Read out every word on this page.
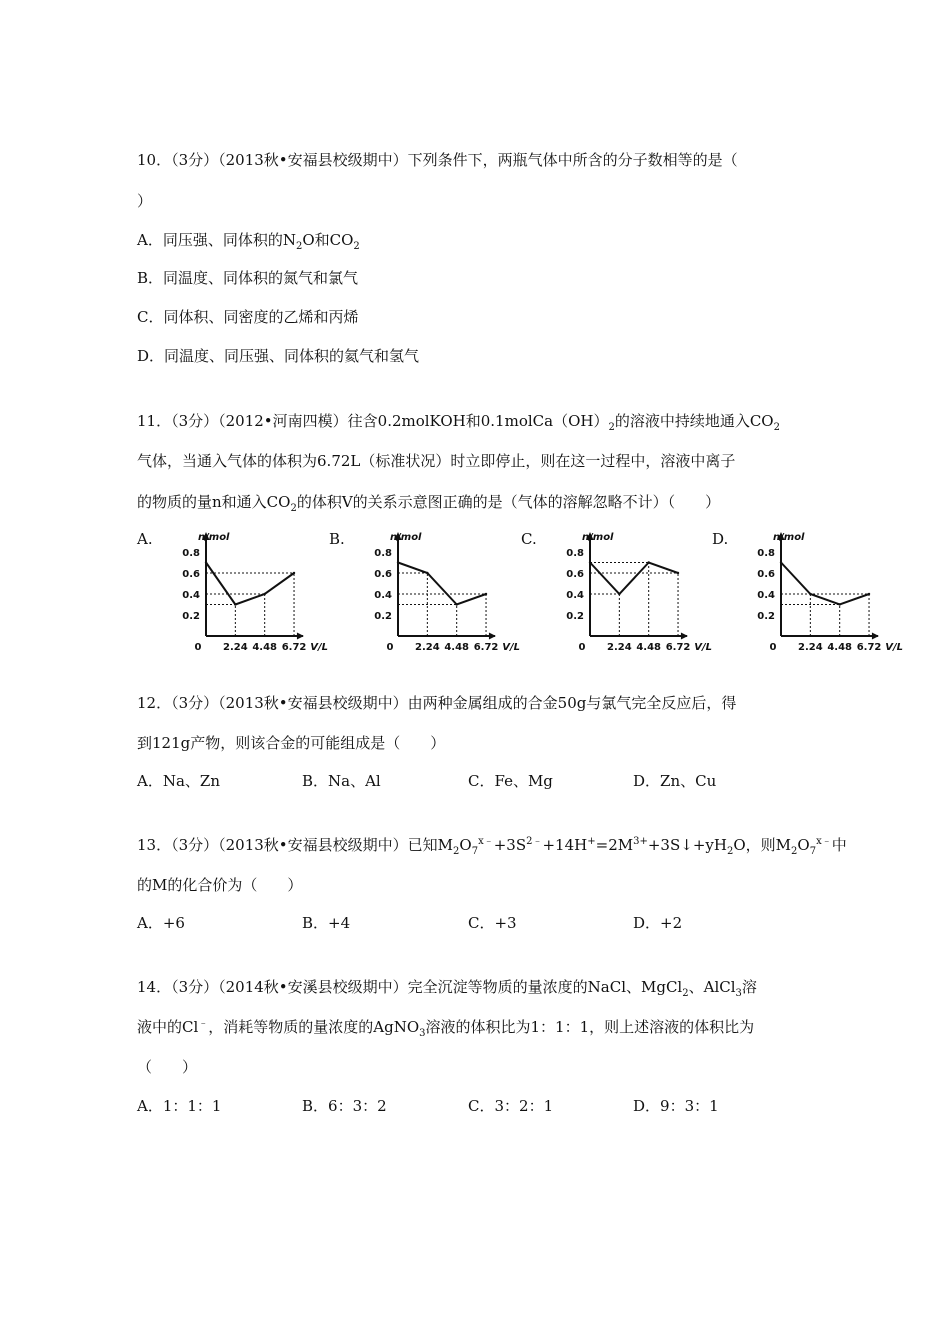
10．（3分）（2013秋•安福县校级期中）下列条件下，两瓶气体中所含的分子数相等的是（
）
A．同压强、同体积的$N_2O$和$CO_2$
B．同温度、同体积的氮气和氯气
C．同体积、同密度的乙烯和丙烯
D．同温度、同压强、同体积的氦气和氢气
11．（3分）（2012•河南四模）往含0.2molKOH和$0.1molCa(OH)_2$的溶液中持续地通入$CO_2$
气体，当通入气体的体积为6.72L（标准状况）时立即停止，则在这一过程中，溶液中离子
的物质的量n和通入$CO_2$的体积V的关系示意图正确的是（气体的溶解忽略不计）（　　）
A.	B.	C.	D.
n/mol
V/L
0
0.8
0.6
0.4
0.2
2.24 4.48 6.72
n/mol
V/L
0
0.8
0.6
0.4
0.2
2.24 4.48 6.72
n/mol
V/L
0
0.8
0.6
0.4
0.2
2.24 4.48 6.72
n/mol
V/L
0
0.8
0.6
0.4
0.2
2.24 4.48 6.72
12．（3分）（2013秋•安福县校级期中）由两种金属组成的合金50g与氯气完全反应后，得
到121g产物，则该合金的可能组成是（　　）
A．Na、Zn	B．Na、Al	C．Fe、Mg	D．Zn、Cu
13．（3分）（2013秋•安福县校级期中）已知$M_2O_7^{x﹣}+3S^{2﹣}+14H^+=2M^{3+}+3S↓+yH_2O$，则$M_2O_7^{x﹣}$中
的M的化合价为（　　）
A．+6	B．+4	C．+3	D．+2
14．（3分）（2014秋•安溪县校级期中）完全沉淀等物质的量浓度的NaCl、MgCl$_2$、AlCl$_3$溶
液中的Cl﹣，消耗等物质的量浓度的AgNO$_3$溶液的体积比为1：1：1，则上述溶液的体积比为
（　　）
A．1：1：1	B．6：3：2	C．3：2：1	D．9：3：1
